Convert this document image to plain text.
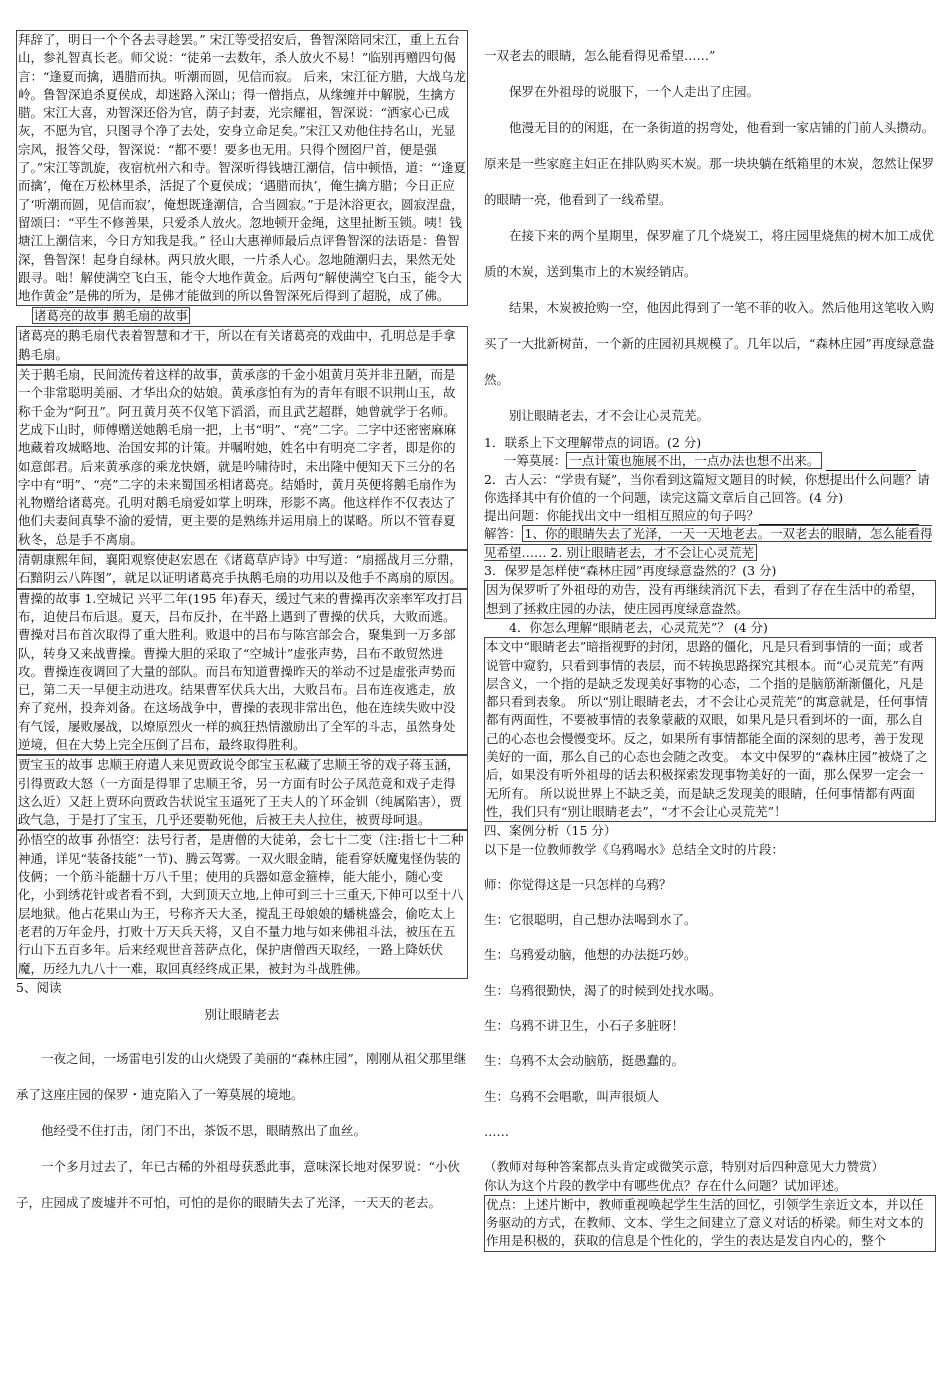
拜辞了，明日一个个各去寻趁罢。” 宋江等受招安后，鲁智深陪同宋江，重上五台山，参礼智真长老。师父说：“徒弟一去数年，杀人放火不易！”临别再赠四句偈言：“逢夏而擒，遇腊而执。听潮而圆，见信而寂。 后来，宋江征方腊，大战乌龙岭。鲁智深追杀夏侯成，却迷路入深山；得一僧指点，从缘缠并中解脱，生擒方腊。宋江大喜，劝智深还俗为官，荫子封妻，光宗耀祖，智深说：“洒家心已成灰，不愿为官，只图寻个净了去处，安身立命足矣。”宋江又劝他住持名山，光显宗风，报答父母，智深说：“都不要！要多也无用。只得个囫囵尸首，便是强了。”宋江等凯旋，夜宿杭州六和寺。智深听得钱塘江潮信，信中顿悟，道：“‘逢夏而擒’，俺在万松林里杀，活捉了个夏侯成；‘遇腊而执’，俺生擒方腊；今日正应了‘听潮而圆，见信而寂’，俺想既逢潮信，合当圆寂。”于是沐浴更衣，圆寂涅盘，留颂曰：“平生不修善果，只爱杀人放火。忽地顿开金绳，这里扯断玉锁。咦！钱塘江上潮信来，今日方知我是我。” 径山大惠禅师最后点评鲁智深的法语是：鲁智深，鲁智深！起身自绿林。两只放火眼，一片杀人心。忽地随潮归去，果然无处跟寻。咄！解使满空飞白玉，能令大地作黄金。后两句“解使满空飞白玉，能令大地作黄金”是佛的所为，是佛才能做到的所以鲁智深死后得到了超脱，成了佛。

诸葛亮的故事 鹅毛扇的故事

诸葛亮的鹅毛扇代表着智慧和才干，所以在有关诸葛亮的戏曲中，孔明总是手拿鹅毛扇。

关于鹅毛扇，民间流传着这样的故事，黄承彦的千金小姐黄月英并非丑陋，而是一个非常聪明美丽、才华出众的姑娘。黄承彦怕有为的青年有眼不识荆山玉，故称千金为“阿丑”。阿丑黄月英不仅笔下滔滔，而且武艺超群，她曾就学于名师。艺成下山时，师傅赠送她鹅毛扇一把，上书“明”、“亮”二字。二字中还密密麻麻地藏着攻城略地、治国安邦的计策。并嘱咐她，姓名中有明亮二字者，即是你的如意郎君。后来黄承彦的乘龙快婿，就是吟啸待时，未出隆中便知天下三分的名字中有“明”、“亮”二字的未来蜀国丞相诸葛亮。结婚时，黄月英便将鹅毛扇作为礼物赠给诸葛亮。孔明对鹅毛扇爱如掌上明珠，形影不离。他这样作不仅表达了他们夫妻间真挚不渝的爱情，更主要的是熟练并运用扇上的谋略。所以不管春夏秋冬，总是手不离扇。

清朝康熙年间，襄阳观察使赵宏恩在《诸葛草庐诗》中写道：“扇摇战月三分鼎，石黯阴云八阵图”，就足以证明诸葛亮手执鹅毛扇的功用以及他手不离扇的原因。

曹操的故事 1.空城记 兴平二年(195 年)春天，缓过气来的曹操再次亲率军攻打吕布，迫使吕布后退。夏天，吕布反扑，在半路上遇到了曹操的伏兵，大败而逃。曹操对吕布首次取得了重大胜利。败退中的吕布与陈宫部会合，聚集到一万多部队，转身又来战曹操。曹操大胆的采取了“空城计”虚张声势，吕布不敢贸然进攻。曹操连夜调回了大量的部队。而吕布知道曹操昨天的举动不过是虚张声势而已，第二天一早便主动进攻。结果曹军伏兵大出，大败吕布。吕布连夜逃走，放弃了兖州，投奔刘备。在这场战争中，曹操的表现非常出色，他在连续失败中没有气馁，屡败屡战，以燎原烈火一样的疯狂热情激励出了全军的斗志，虽然身处逆境，但在大势上完全压倒了吕布，最终取得胜利。

贾宝玉的故事 忠顺王府遣人来见贾政说令郎宝玉私藏了忠顺王爷的戏子蒋玉涵，引得贾政大怒（一方面是得罪了忠顺王爷，另一方面有时公子凤范竟和戏子走得这么近）又赶上贾环向贾政告状说宝玉逼死了王夫人的丫环金钏（纯属陷害），贾政气急，于是打了宝玉，几乎还要勒死他，后被王夫人拉住，被贾母呵退。

孙悟空的故事 孙悟空：法号行者，是唐僧的大徒弟，会七十二变（注:指七十二种神通，详见“装备技能”一节)、腾云驾雾。一双火眼金睛，能看穿妖魔鬼怪伪装的伎俩；一个筋斗能翻十万八千里；使用的兵器如意金箍棒，能大能小，随心变化，小到绣花针或者看不到，大到顶天立地,上伸可到三十三重天,下伸可以至十八层地狱。他占花果山为王，号称齐天大圣，搅乱王母娘娘的蟠桃盛会，偷吃太上老君的万年金丹，打败十万天兵天将，又自不量力地与如来佛祖斗法，被压在五行山下五百多年。后来经观世音菩萨点化，保护唐僧西天取经，一路上降妖伏魔，历经九九八十一难，取回真经终成正果，被封为斗战胜佛。

5、阅读

别让眼睛老去

一夜之间，一场雷电引发的山火烧毁了美丽的“森林庄园”，刚刚从祖父那里继承了这座庄园的保罗・迪克陷入了一筹莫展的境地。

他经受不住打击，闭门不出，茶饭不思，眼睛熬出了血丝。

一个多月过去了，年已古稀的外祖母获悉此事，意味深长地对保罗说：“小伙子，庄园成了废墟并不可怕，可怕的是你的眼睛失去了光泽，一天天的老去。

一双老去的眼睛，怎么能看得见希望……”

保罗在外祖母的说服下，一个人走出了庄园。

他漫无目的的闲逛，在一条街道的拐弯处，他看到一家店铺的门前人头攒动。原来是一些家庭主妇正在排队购买木炭。那一块块躺在纸箱里的木炭，忽然让保罗的眼睛一亮，他看到了一线希望。

在接下来的两个星期里，保罗雇了几个烧炭工，将庄园里烧焦的树木加工成优质的木炭，送到集市上的木炭经销店。

结果，木炭被抢购一空，他因此得到了一笔不菲的收入。然后他用这笔收入购买了一大批新树苗，一个新的庄园初具规模了。几年以后，“森林庄园”再度绿意盎然。

别让眼睛老去，才不会让心灵荒芜。

1．联系上下文理解带点的词语。(2 分)

一筹莫展： 一点计策也施展不出，一点办法也想不出来。

2．古人云：“学贵有疑”，当你看到这篇短文题目的时候，你想提出什么问题？请你选择其中有价值的一个问题，读完这篇文章后自己回答。(4 分)

提出问题：你能找出文中一组相互照应的句子吗？

解答： 1、你的眼睛失去了光泽，一天一天地老去。一双老去的眼睛，怎么能看得见希望…… 2. 别让眼睛老去，才不会让心灵荒芜

3．保罗是怎样使“森林庄园”再度绿意盎然的？(3 分)

因为保罗听了外祖母的劝告，没有再继续消沉下去，看到了存在生活中的希望，想到了拯救庄园的办法，使庄园再度绿意盎然。

4．你怎么理解“眼睛老去，心灵荒芜”？ (4 分)

本文中“眼睛老去”暗指视野的封闭，思路的僵化，凡是只看到事情的一面；或者说管中窥豹，只看到事情的表层，而不转换思路探究其根本。而“心灵荒芜”有两层含义，一个指的是缺乏发现美好事物的心态，二个指的是脑筋渐渐僵化，凡是都只看到表象。 所以“别让眼睛老去，才不会让心灵荒芜”的寓意就是，任何事情都有两面性，不要被事情的表象蒙蔽的双眼，如果凡是只看到坏的一面，那么自己的心态也会慢慢变坏。反之，如果所有事情都能全面的深刻的思考，善于发现美好的一面，那么自己的心态也会随之改变。 本文中保罗的“森林庄园”被烧了之后，如果没有听外祖母的话去积极探索发现事物美好的一面，那么保罗一定会一无所有。 所以说世界上不缺乏美，而是缺乏发现美的眼睛，任何事情都有两面性，我们只有“别让眼睛老去”，“才不会让心灵荒芜”！

四、案例分析（15 分）

以下是一位教师教学《乌鸦喝水》总结全文时的片段：

师：你觉得这是一只怎样的乌鸦？

生：它很聪明，自己想办法喝到水了。

生：乌鸦爱动脑，他想的办法挺巧妙。

生：乌鸦很勤快，渴了的时候到处找水喝。

生：乌鸦不讲卫生，小石子多脏呀！

生：乌鸦不太会动脑筋，挺愚蠢的。

生：乌鸦不会唱歌，叫声很烦人

……

（教师对每种答案都点头肯定或微笑示意，特别对后四种意见大力赞赏）

你认为这个片段的教学中有哪些优点？存在什么问题？试加评述。

优点：上述片断中，教师重视唤起学生生活的回忆，引领学生亲近文本，并以任务驱动的方式，在教师、文本、学生之间建立了意义对话的桥梁。师生对文本的作用是积极的，获取的信息是个性化的，学生的表达是发自内心的，整个
